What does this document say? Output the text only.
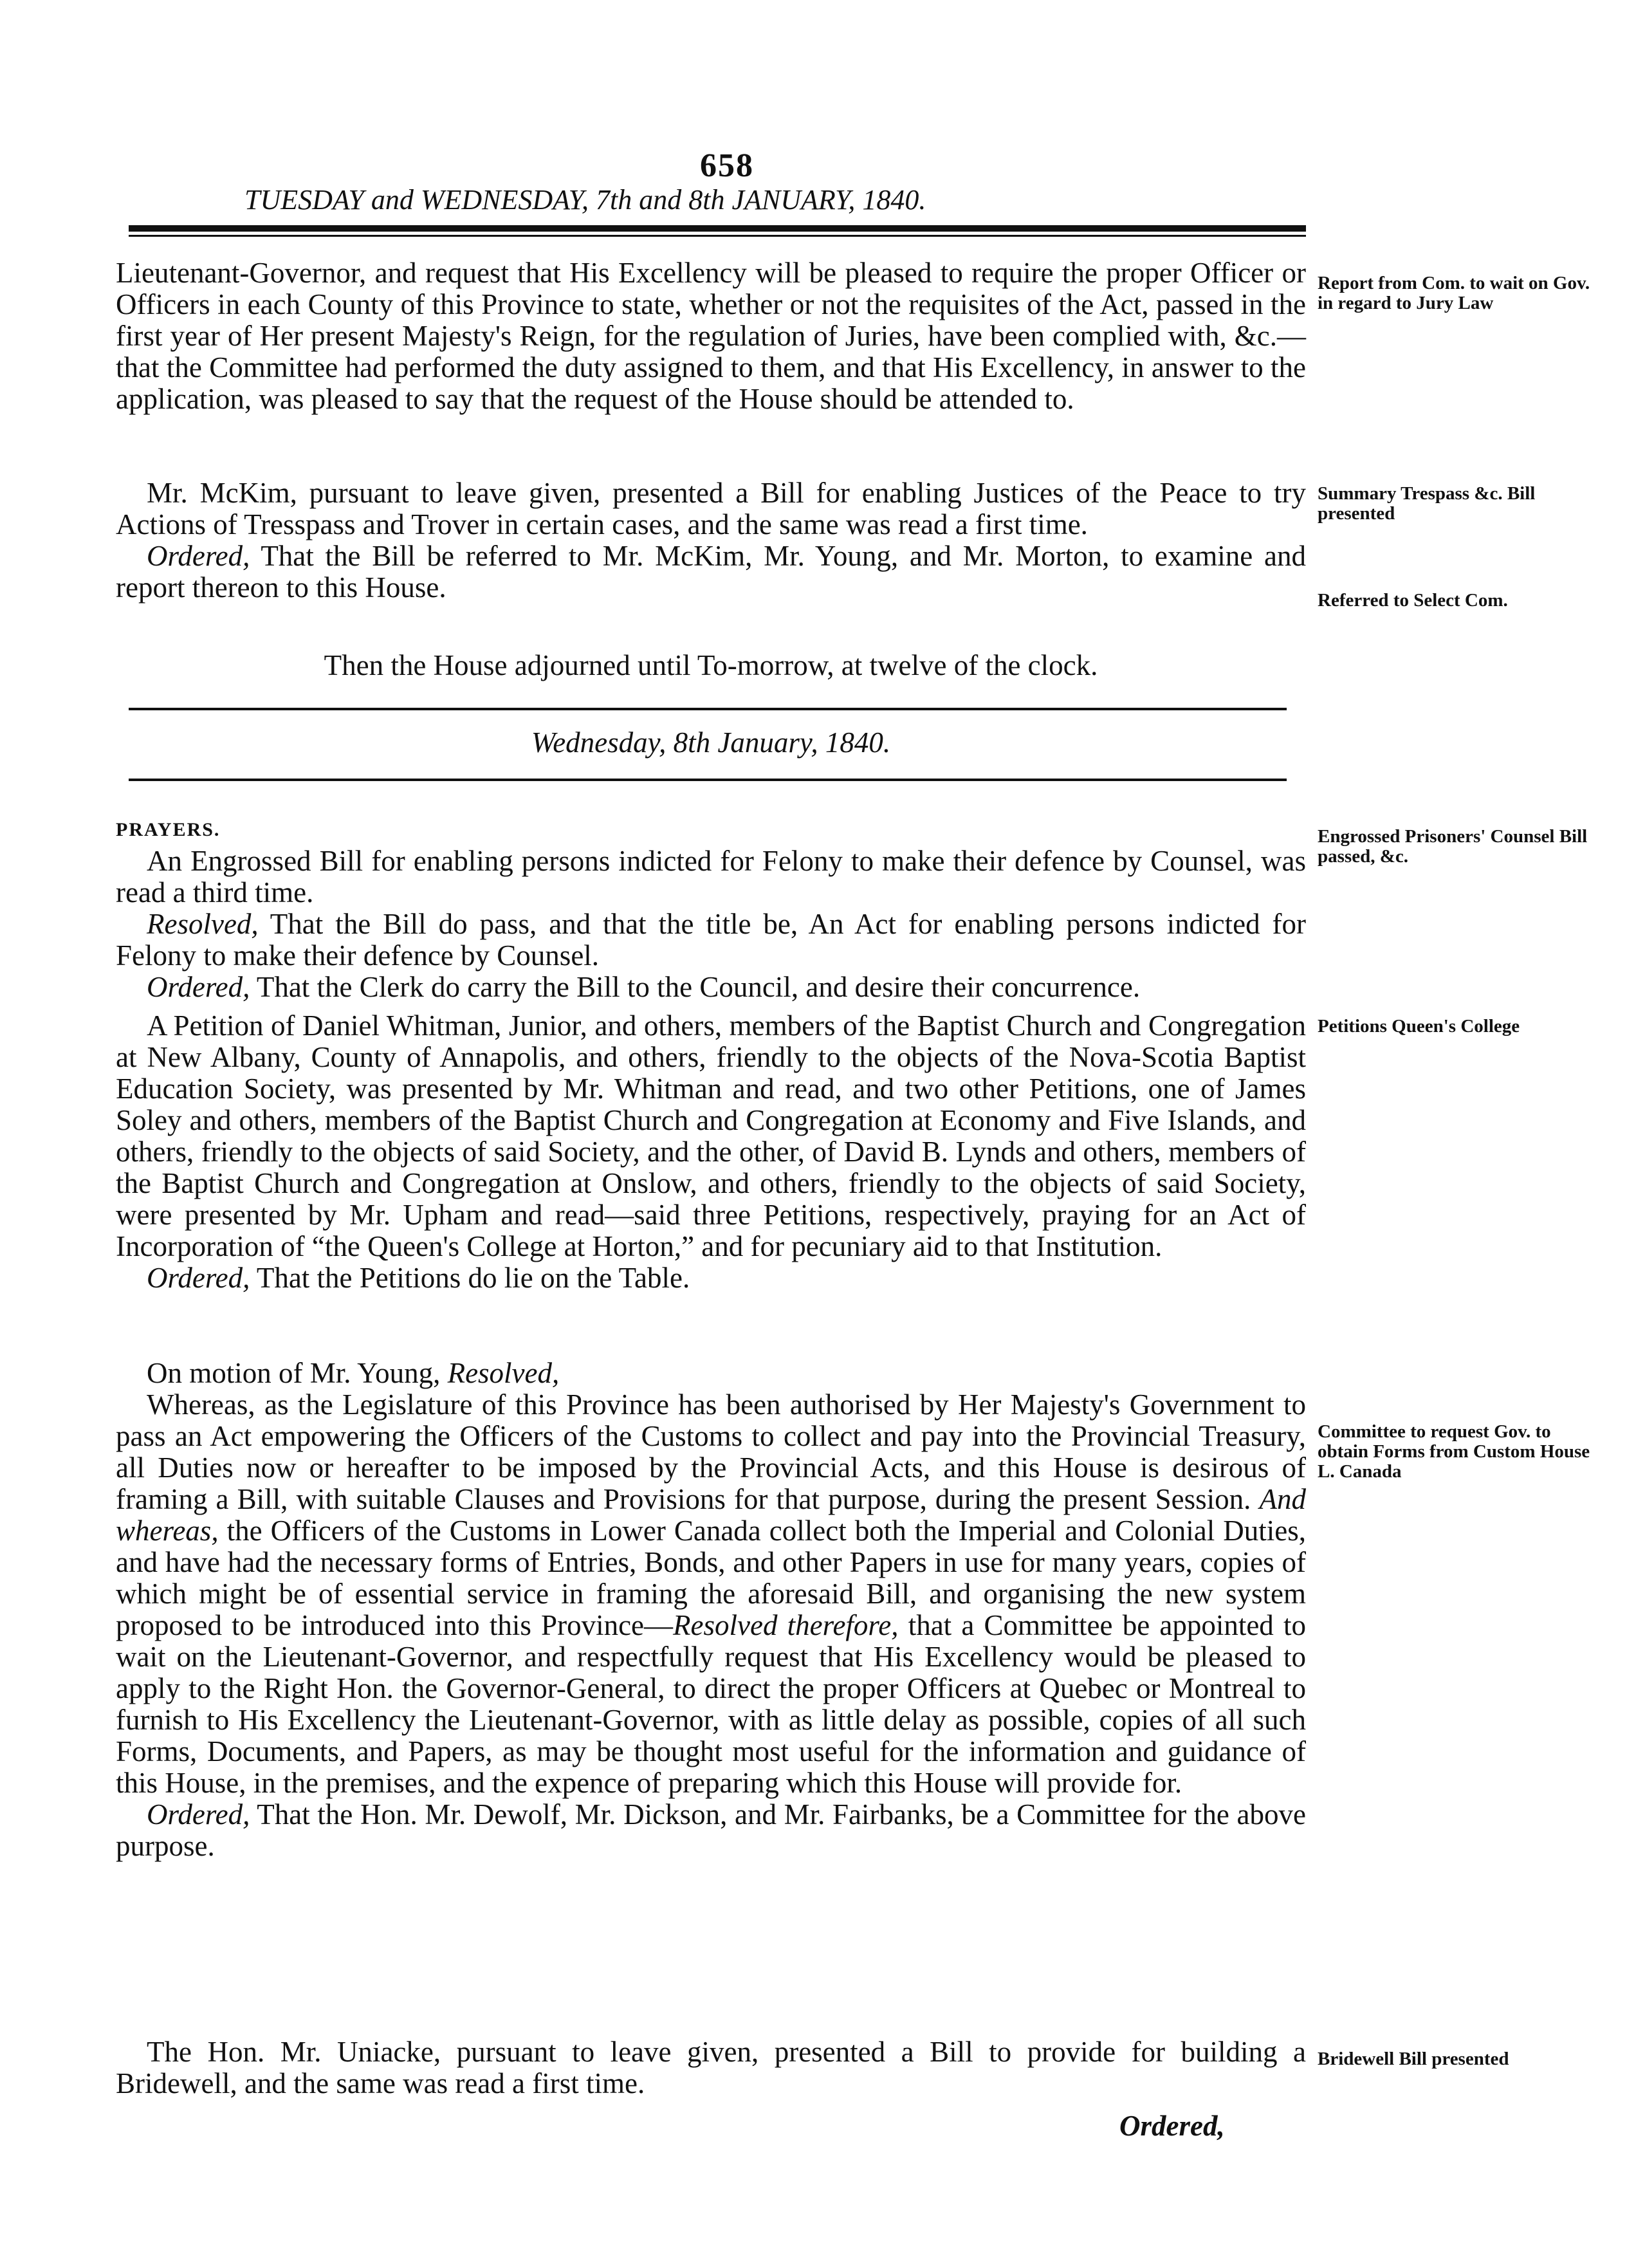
658
TUESDAY and WEDNESDAY, 7th and 8th JANUARY, 1840.

Lieutenant-Governor, and request that His Excellency will be pleased to require the proper Officer or Officers in each County of this Province to state, whether or not the requisites of the Act, passed in the first year of Her present Majesty's Reign, for the regulation of Juries, have been complied with, &c.—that the Committee had performed the duty assigned to them, and that His Excellency, in answer to the application, was pleased to say that the request of the House should be attended to.

Report from Com. to wait on Gov. in regard to Jury Law

Mr. McKim, pursuant to leave given, presented a Bill for enabling Justices of the Peace to try Actions of Tresspass and Trover in certain cases, and the same was read a first time.

Ordered, That the Bill be referred to Mr. McKim, Mr. Young, and Mr. Morton, to examine and report thereon to this House.

Summary Trespass &c. Bill presented
Referred to Select Com.
Then the House adjourned until To-morrow, at twelve of the clock.
Wednesday, 8th January, 1840.

PRAYERS.

An Engrossed Bill for enabling persons indicted for Felony to make their defence by Counsel, was read a third time.

Resolved, That the Bill do pass, and that the title be, An Act for enabling persons indicted for Felony to make their defence by Counsel.

Ordered, That the Clerk do carry the Bill to the Council, and desire their concurrence.

Engrossed Prisoners' Counsel Bill passed, &c.

A Petition of Daniel Whitman, Junior, and others, members of the Baptist Church and Congregation at New Albany, County of Annapolis, and others, friendly to the objects of the Nova-Scotia Baptist Education Society, was presented by Mr. Whitman and read, and two other Petitions, one of James Soley and others, members of the Baptist Church and Congregation at Economy and Five Islands, and others, friendly to the objects of said Society, and the other, of David B. Lynds and others, members of the Baptist Church and Congregation at Onslow, and others, friendly to the objects of said Society, were presented by Mr. Upham and read—said three Petitions, respectively, praying for an Act of Incorporation of “the Queen's College at Horton,” and for pecuniary aid to that Institution.

Ordered, That the Petitions do lie on the Table.

Petitions Queen's College

On motion of Mr. Young, Resolved,

Whereas, as the Legislature of this Province has been authorised by Her Majesty's Government to pass an Act empowering the Officers of the Customs to collect and pay into the Provincial Treasury, all Duties now or hereafter to be imposed by the Provincial Acts, and this House is desirous of framing a Bill, with suitable Clauses and Provisions for that purpose, during the present Session. And whereas, the Officers of the Customs in Lower Canada collect both the Imperial and Colonial Duties, and have had the necessary forms of Entries, Bonds, and other Papers in use for many years, copies of which might be of essential service in framing the aforesaid Bill, and organising the new system proposed to be introduced into this Province—Resolved therefore, that a Committee be appointed to wait on the Lieutenant-Governor, and respectfully request that His Excellency would be pleased to apply to the Right Hon. the Governor-General, to direct the proper Officers at Quebec or Montreal to furnish to His Excellency the Lieutenant-Governor, with as little delay as possible, copies of all such Forms, Documents, and Papers, as may be thought most useful for the information and guidance of this House, in the premises, and the expence of preparing which this House will provide for.

Ordered, That the Hon. Mr. Dewolf, Mr. Dickson, and Mr. Fairbanks, be a Committee for the above purpose.

Committee to request Gov. to obtain Forms from Custom House L. Canada

The Hon. Mr. Uniacke, pursuant to leave given, presented a Bill to provide for building a Bridewell, and the same was read a first time.

Bridewell Bill presented
Ordered,
